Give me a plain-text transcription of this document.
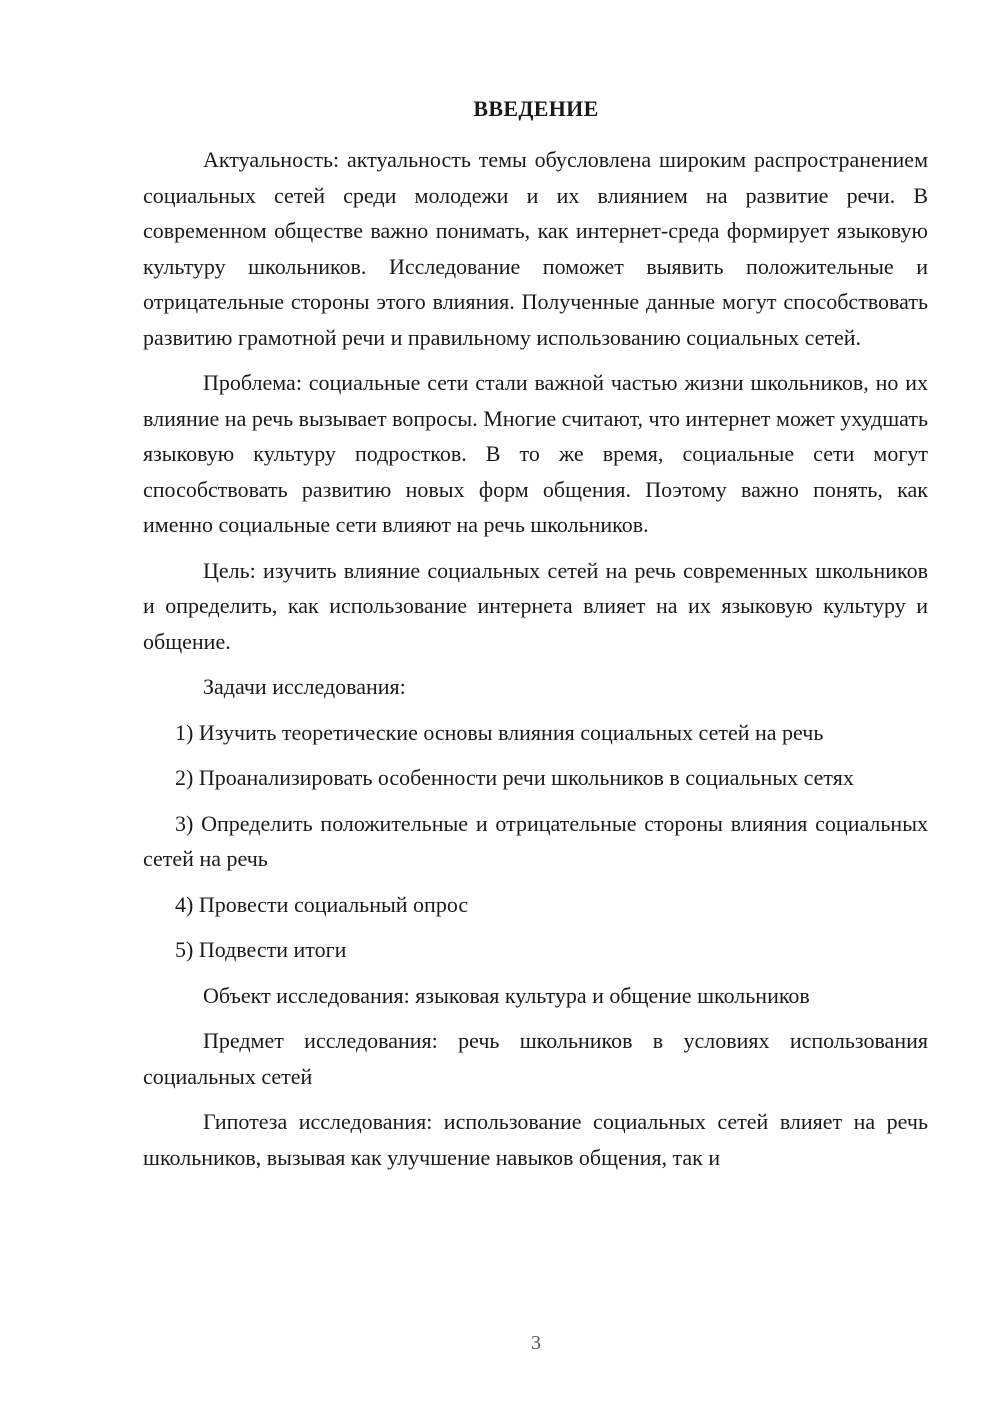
ВВЕДЕНИЕ

Актуальность: актуальность темы обусловлена широким распространением социальных сетей среди молодежи и их влиянием на развитие речи. В современном обществе важно понимать, как интернет-среда формирует языковую культуру школьников. Исследование поможет выявить положительные и отрицательные стороны этого влияния. Полученные данные могут способствовать развитию грамотной речи и правильному использованию социальных сетей.

Проблема: социальные сети стали важной частью жизни школьников, но их влияние на речь вызывает вопросы. Многие считают, что интернет может ухудшать языковую культуру подростков. В то же время, социальные сети могут способствовать развитию новых форм общения. Поэтому важно понять, как именно социальные сети влияют на речь школьников.

Цель: изучить влияние социальных сетей на речь современных школьников и определить, как использование интернета влияет на их языковую культуру и общение.

Задачи исследования:

1) Изучить теоретические основы влияния социальных сетей на речь

2) Проанализировать особенности речи школьников в социальных сетях

3) Определить положительные и отрицательные стороны влияния социальных сетей на речь

4) Провести социальный опрос

5) Подвести итоги

Объект исследования: языковая культура и общение школьников

Предмет исследования: речь школьников в условиях использования социальных сетей

Гипотеза исследования: использование социальных сетей влияет на речь школьников, вызывая как улучшение навыков общения, так и

3
